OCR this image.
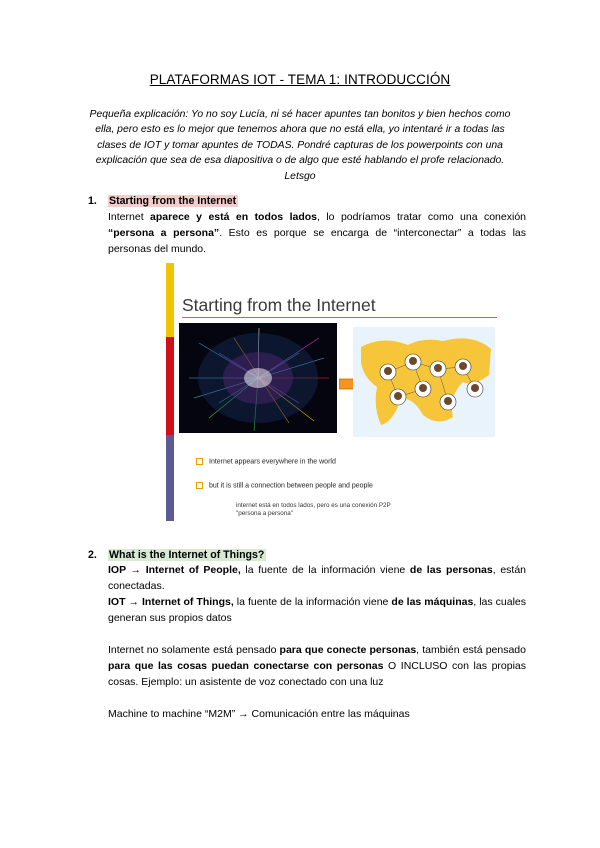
PLATAFORMAS IOT - TEMA 1: INTRODUCCIÓN
Pequeña explicación: Yo no soy Lucía, ni sé hacer apuntes tan bonitos y bien hechos como
ella, pero esto es lo mejor que tenemos ahora que no está ella, yo intentaré ir a todas las
clases de IOT y tomar apuntes de TODAS. Pondré capturas de los powerpoints con una
explicación que sea de esa diapositiva o de algo que esté hablando el profe relacionado.
Letsgo
1. Starting from the Internet

Internet aparece y está en todos lados, lo podríamos tratar como una conexión “persona a persona”. Esto es porque se encarga de “interconectar” a todas las personas del mundo.

Starting from the Internet
Internet appears everywhere in the world
but it is still a connection between people and people
internet está en todos lados, pero es una conexión P2P
"persona a persona"
2. What is the Internet of Things?

IOP → Internet of People, la fuente de la información viene de las personas, están conectadas.

IOT → Internet of Things, la fuente de la información viene de las máquinas, las cuales generan sus propios datos

Internet no solamente está pensado para que conecte personas, también está pensado para que las cosas puedan conectarse con personas O INCLUSO con las propias cosas. Ejemplo: un asistente de voz conectado con una luz

Machine to machine “M2M” → Comunicación entre las máquinas
